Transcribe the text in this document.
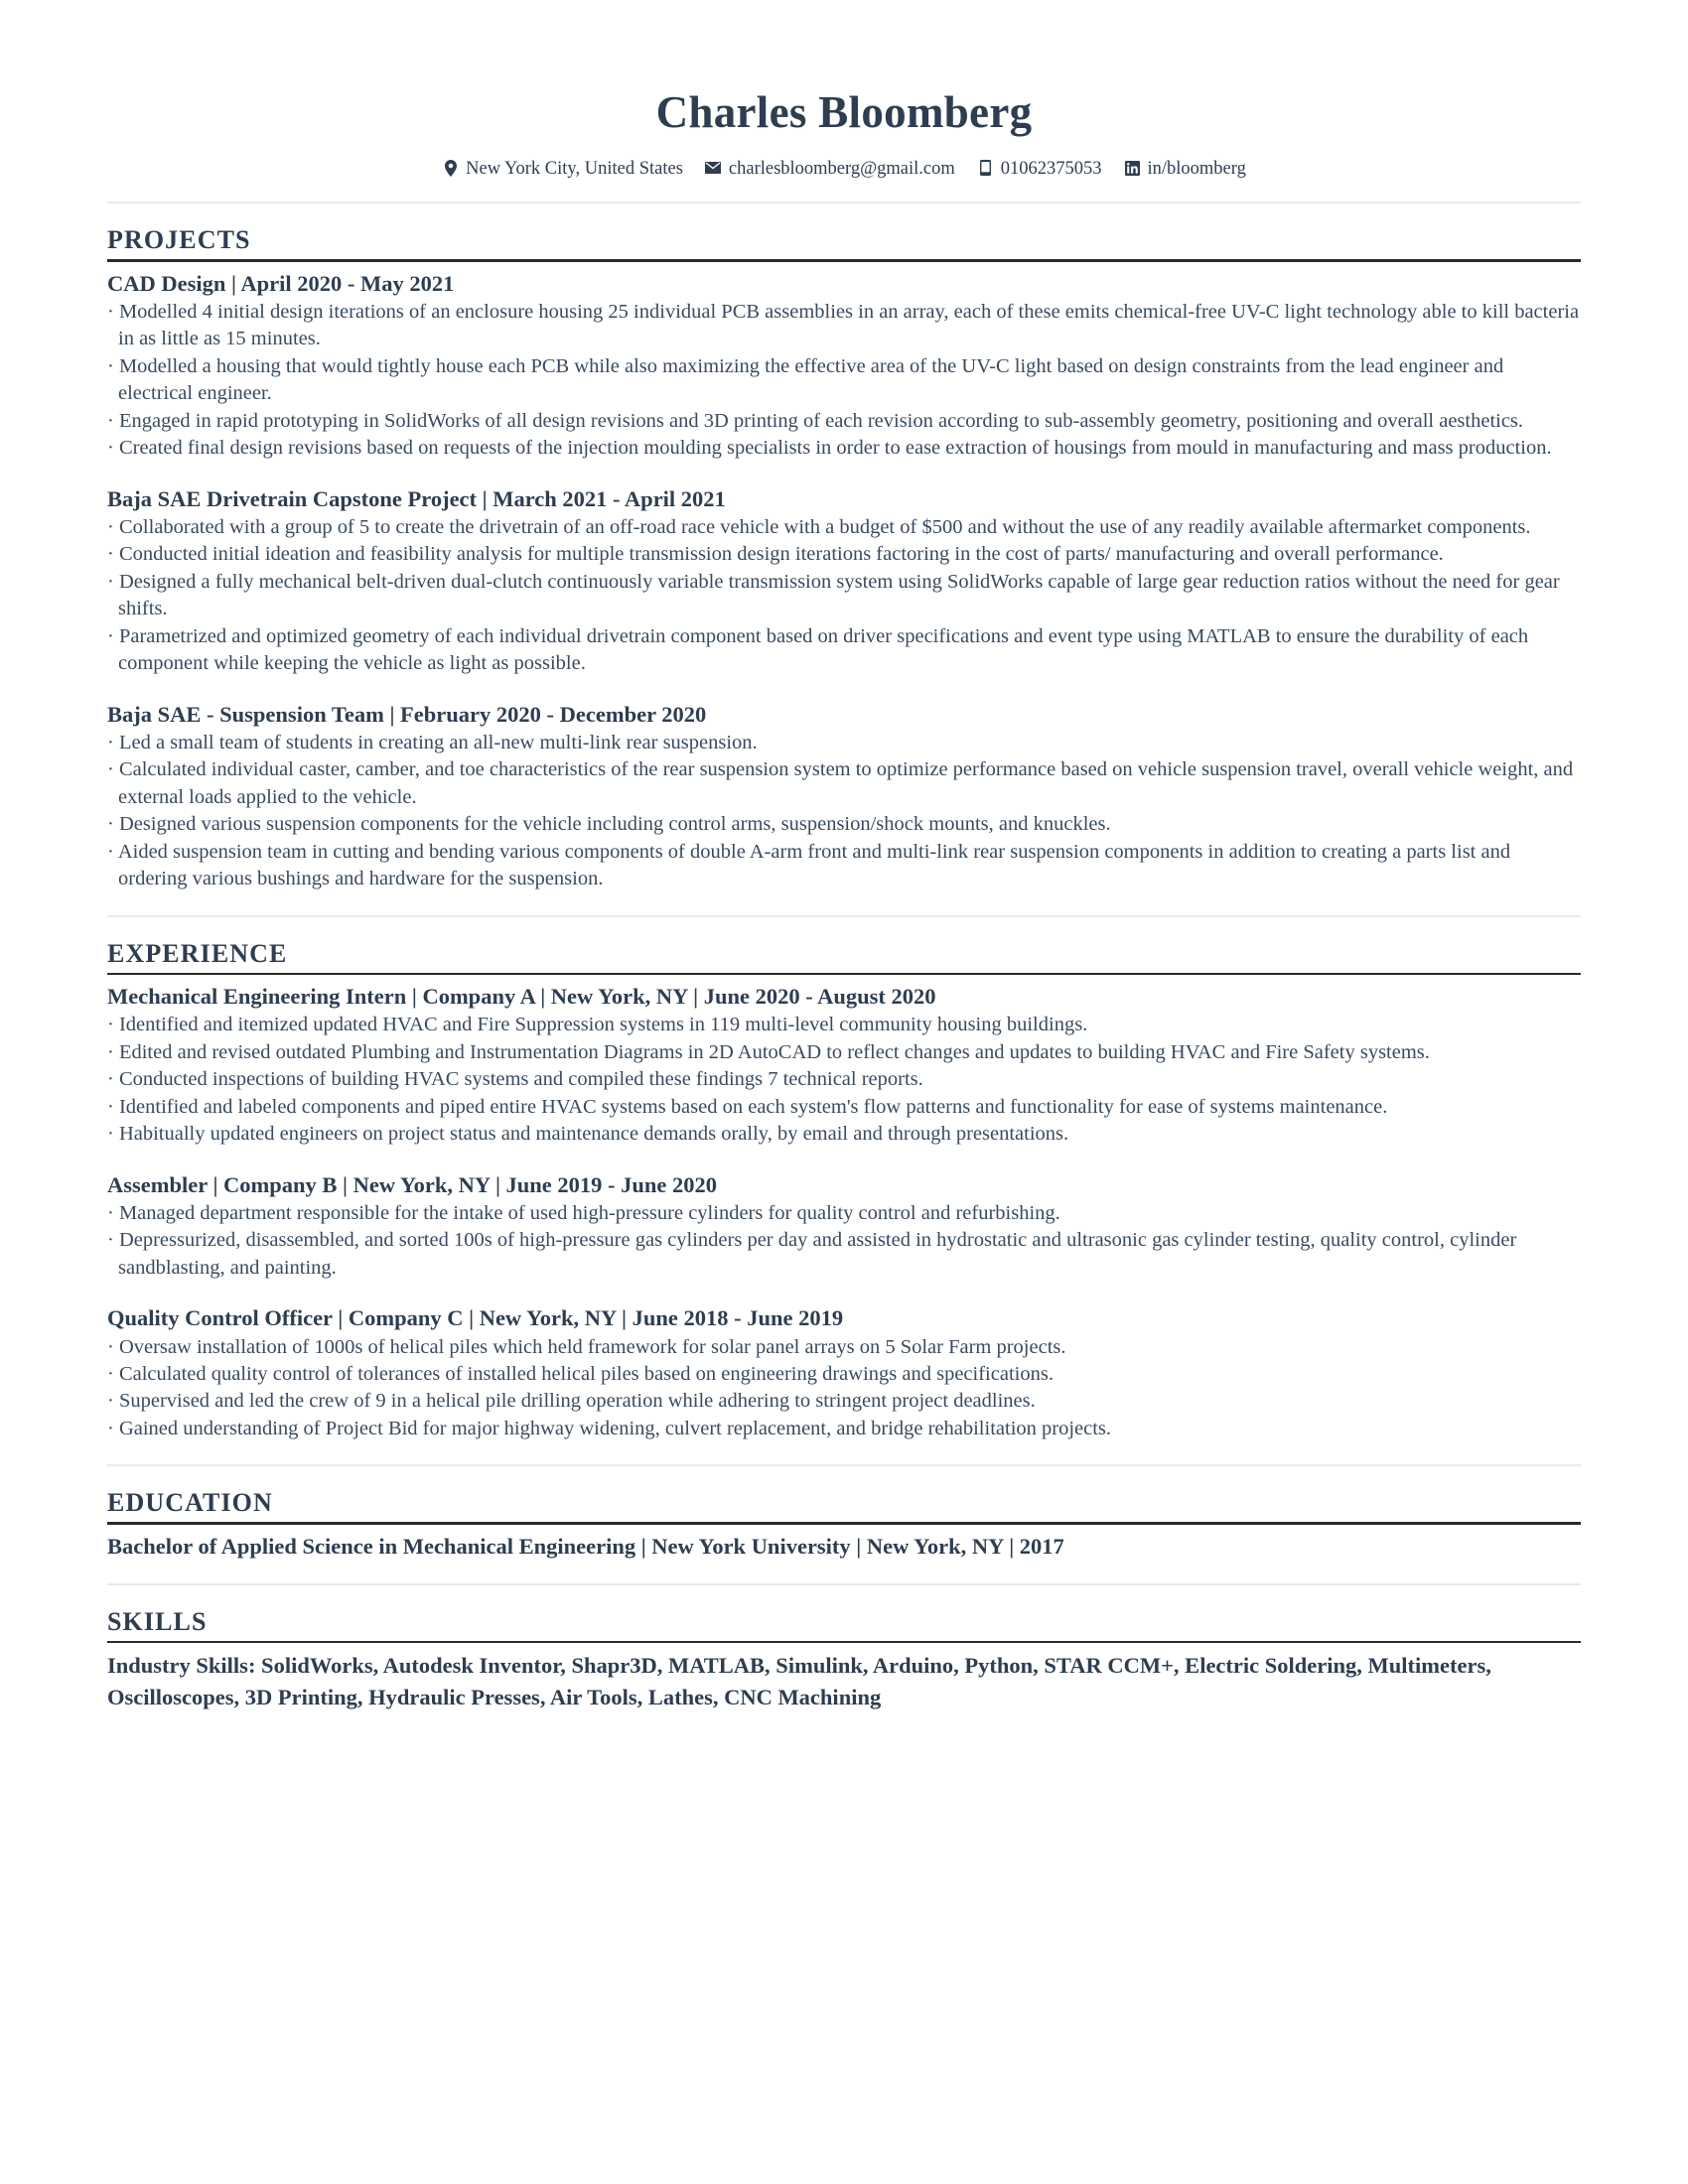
Charles Bloomberg
New York City, United States charlesbloomberg@gmail.com 01062375053 in/bloomberg
PROJECTS
CAD Design | April 2020 - May 2021
· Modelled 4 initial design iterations of an enclosure housing 25 individual PCB assemblies in an array, each of these emits chemical-free UV-C light technology able to kill bacteria in as little as 15 minutes.
· Modelled a housing that would tightly house each PCB while also maximizing the effective area of the UV-C light based on design constraints from the lead engineer and electrical engineer.
· Engaged in rapid prototyping in SolidWorks of all design revisions and 3D printing of each revision according to sub-assembly geometry, positioning and overall aesthetics.
· Created final design revisions based on requests of the injection moulding specialists in order to ease extraction of housings from mould in manufacturing and mass production.
Baja SAE Drivetrain Capstone Project | March 2021 - April 2021
· Collaborated with a group of 5 to create the drivetrain of an off-road race vehicle with a budget of $500 and without the use of any readily available aftermarket components.
· Conducted initial ideation and feasibility analysis for multiple transmission design iterations factoring in the cost of parts/ manufacturing and overall performance.
· Designed a fully mechanical belt-driven dual-clutch continuously variable transmission system using SolidWorks capable of large gear reduction ratios without the need for gear shifts.
· Parametrized and optimized geometry of each individual drivetrain component based on driver specifications and event type using MATLAB to ensure the durability of each component while keeping the vehicle as light as possible.
Baja SAE - Suspension Team | February 2020 - December 2020
· Led a small team of students in creating an all-new multi-link rear suspension.
· Calculated individual caster, camber, and toe characteristics of the rear suspension system to optimize performance based on vehicle suspension travel, overall vehicle weight, and external loads applied to the vehicle.
· Designed various suspension components for the vehicle including control arms, suspension/shock mounts, and knuckles.
· Aided suspension team in cutting and bending various components of double A-arm front and multi-link rear suspension components in addition to creating a parts list and ordering various bushings and hardware for the suspension.
EXPERIENCE
Mechanical Engineering Intern | Company A | New York, NY | June 2020 - August 2020
· Identified and itemized updated HVAC and Fire Suppression systems in 119 multi-level community housing buildings.
· Edited and revised outdated Plumbing and Instrumentation Diagrams in 2D AutoCAD to reflect changes and updates to building HVAC and Fire Safety systems.
· Conducted inspections of building HVAC systems and compiled these findings 7 technical reports.
· Identified and labeled components and piped entire HVAC systems based on each system's flow patterns and functionality for ease of systems maintenance.
· Habitually updated engineers on project status and maintenance demands orally, by email and through presentations.
Assembler | Company B | New York, NY | June 2019 - June 2020
· Managed department responsible for the intake of used high-pressure cylinders for quality control and refurbishing.
· Depressurized, disassembled, and sorted 100s of high-pressure gas cylinders per day and assisted in hydrostatic and ultrasonic gas cylinder testing, quality control, cylinder sandblasting, and painting.
Quality Control Officer | Company C | New York, NY | June 2018 - June 2019
· Oversaw installation of 1000s of helical piles which held framework for solar panel arrays on 5 Solar Farm projects.
· Calculated quality control of tolerances of installed helical piles based on engineering drawings and specifications.
· Supervised and led the crew of 9 in a helical pile drilling operation while adhering to stringent project deadlines.
· Gained understanding of Project Bid for major highway widening, culvert replacement, and bridge rehabilitation projects.
EDUCATION
Bachelor of Applied Science in Mechanical Engineering | New York University | New York, NY | 2017
SKILLS
Industry Skills: SolidWorks, Autodesk Inventor, Shapr3D, MATLAB, Simulink, Arduino, Python, STAR CCM+, Electric Soldering, Multimeters, Oscilloscopes, 3D Printing, Hydraulic Presses, Air Tools, Lathes, CNC Machining
